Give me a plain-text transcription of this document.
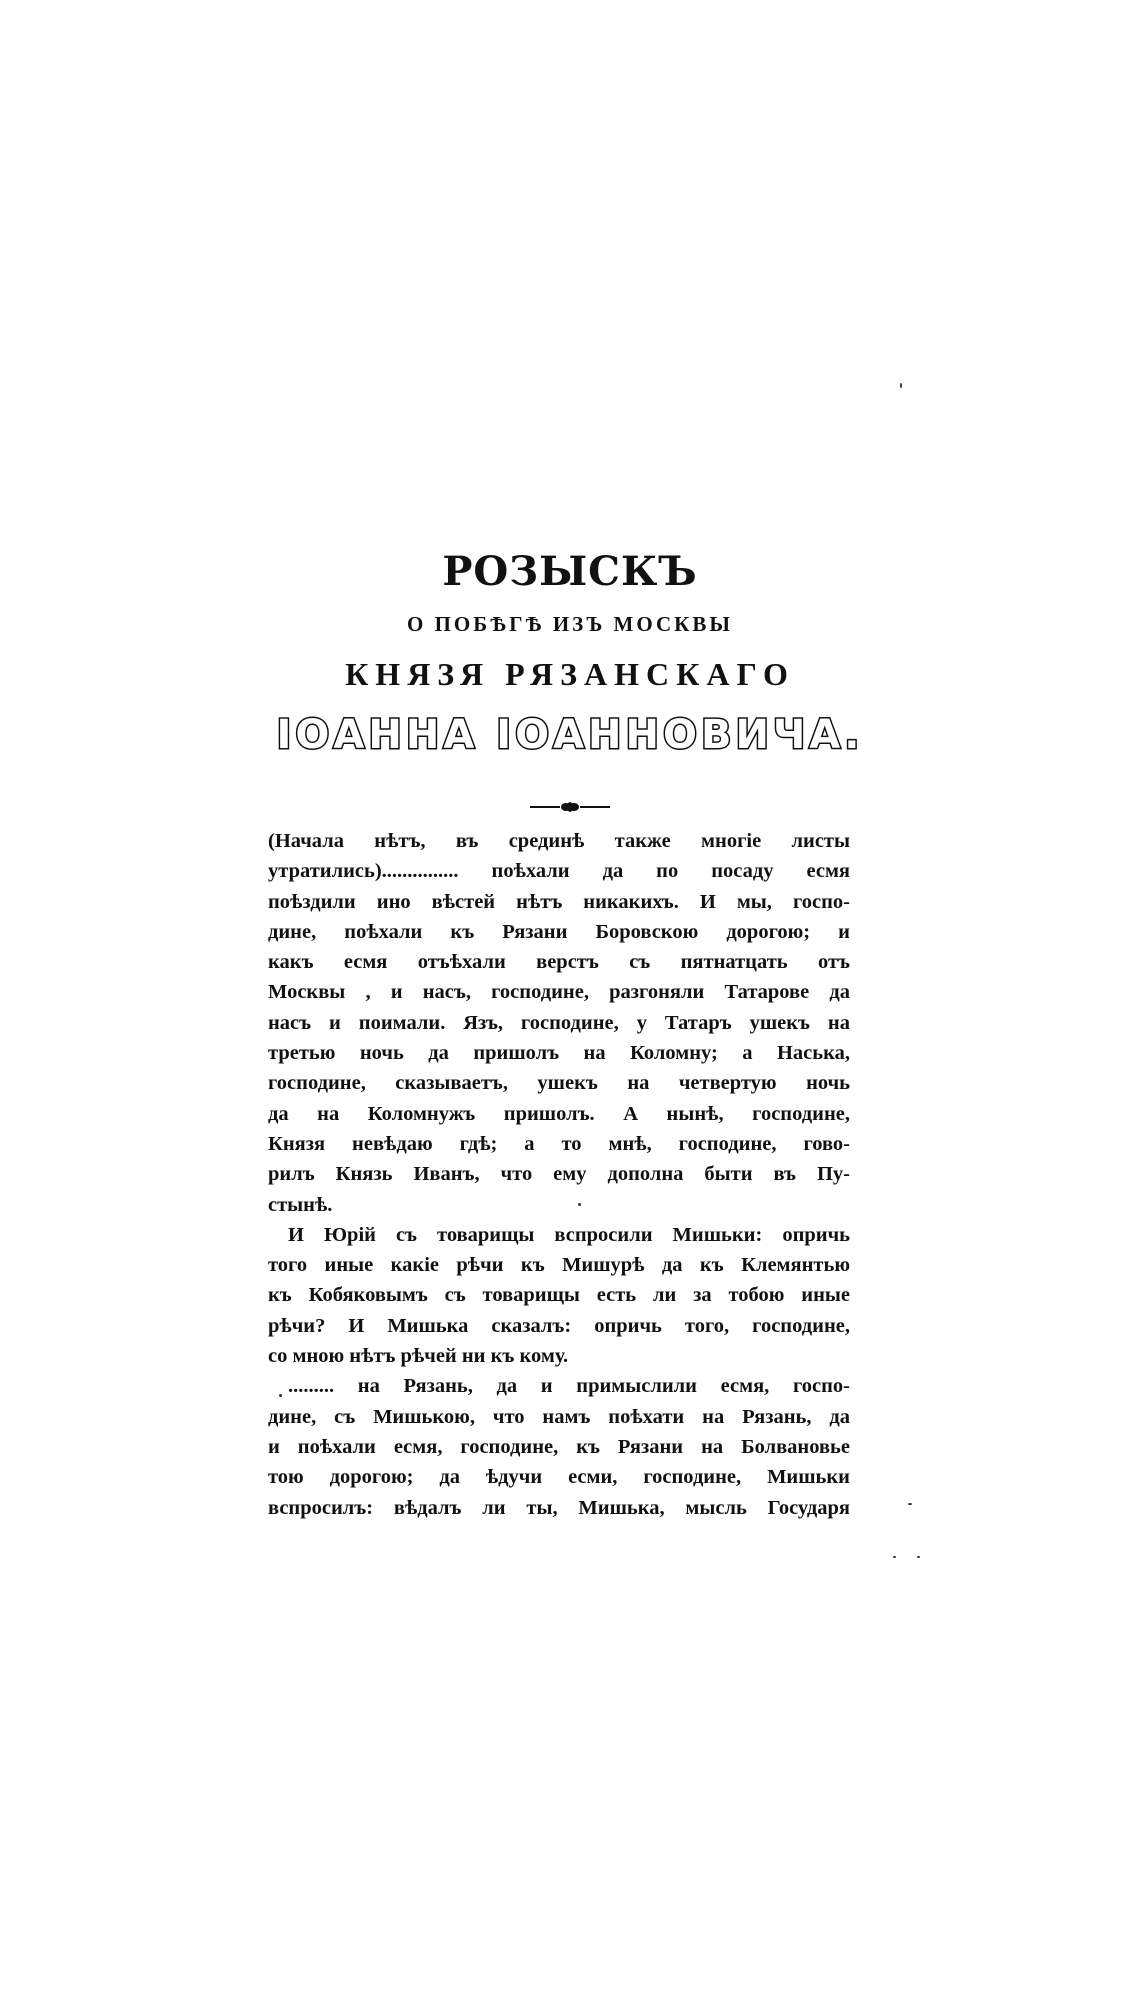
РОЗЫСКЪ
О ПОБѢГѢ ИЗЪ МОСКВЫ
КНЯЗЯ РЯЗАНСКАГО
ІОАННА ІОАННОВИЧА.

(Начала нѣтъ, въ срединѣ также многіе листы
утратились)............... поѣхали да по посаду есмя
поѣздили ино вѣстей нѣтъ никакихъ. И мы, госпо-
дине, поѣхали къ Рязани Боровскою дорогою; и
какъ есмя отъѣхали верстъ съ пятнатцать отъ
Москвы , и насъ, господине, разгоняли Татарове да
насъ и поимали. Язъ, господине, у Татаръ ушекъ на
третью ночь да пришолъ на Коломну; а Наська,
господине, сказываетъ, ушекъ на четвертую ночь
да на Коломнужъ пришолъ. А нынѣ, господине,
Князя невѣдаю гдѣ; а то мнѣ, господине, гово-
рилъ Князь Иванъ, что ему дополна быти въ Пу-
стынѣ.

И Юрій съ товарищы вспросили Мишьки: опричь
того иные какіе рѣчи къ Мишурѣ да къ Клемянтью
къ Кобяковымъ съ товарищы есть ли за тобою иные
рѣчи? И Мишька сказалъ: опричь того, господине,
со мною нѣтъ рѣчей ни къ кому.

......... на Рязань, да и примыслили есмя, госпо-
дине, съ Мишькою, что намъ поѣхати на Рязань, да
и поѣхали есмя, господине, къ Рязани на Болвановье
тою дорогою; да ѣдучи есми, господине, Мишьки
вспросилъ: вѣдалъ ли ты, Мишька, мысль Государя
